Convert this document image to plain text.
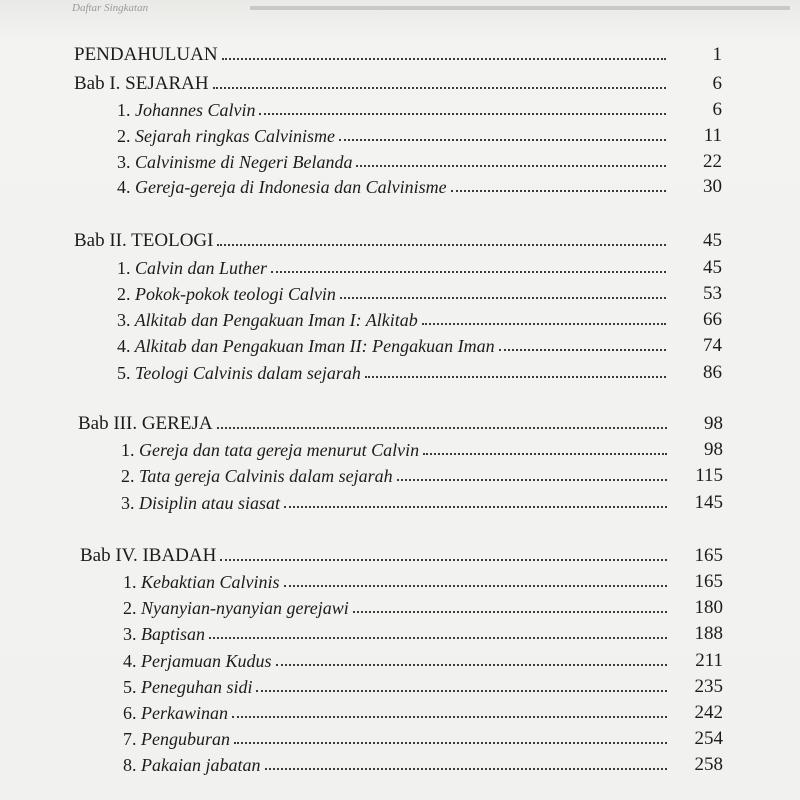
Daftar Singkatan
PENDAHULUAN	1
Bab I. SEJARAH	6
1. Johannes Calvin	6
2. Sejarah ringkas Calvinisme	11
3. Calvinisme di Negeri Belanda	22
4. Gereja-gereja di Indonesia dan Calvinisme	30
Bab II. TEOLOGI	45
1. Calvin dan Luther	45
2. Pokok-pokok teologi Calvin	53
3. Alkitab dan Pengakuan Iman I: Alkitab	66
4. Alkitab dan Pengakuan Iman II: Pengakuan Iman	74
5. Teologi Calvinis dalam sejarah	86
Bab III. GEREJA	98
1. Gereja dan tata gereja menurut Calvin	98
2. Tata gereja Calvinis dalam sejarah	115
3. Disiplin atau siasat	145
Bab IV. IBADAH	165
1. Kebaktian Calvinis	165
2. Nyanyian-nyanyian gerejawi	180
3. Baptisan	188
4. Perjamuan Kudus	211
5. Peneguhan sidi	235
6. Perkawinan	242
7. Penguburan	254
8. Pakaian jabatan	258
